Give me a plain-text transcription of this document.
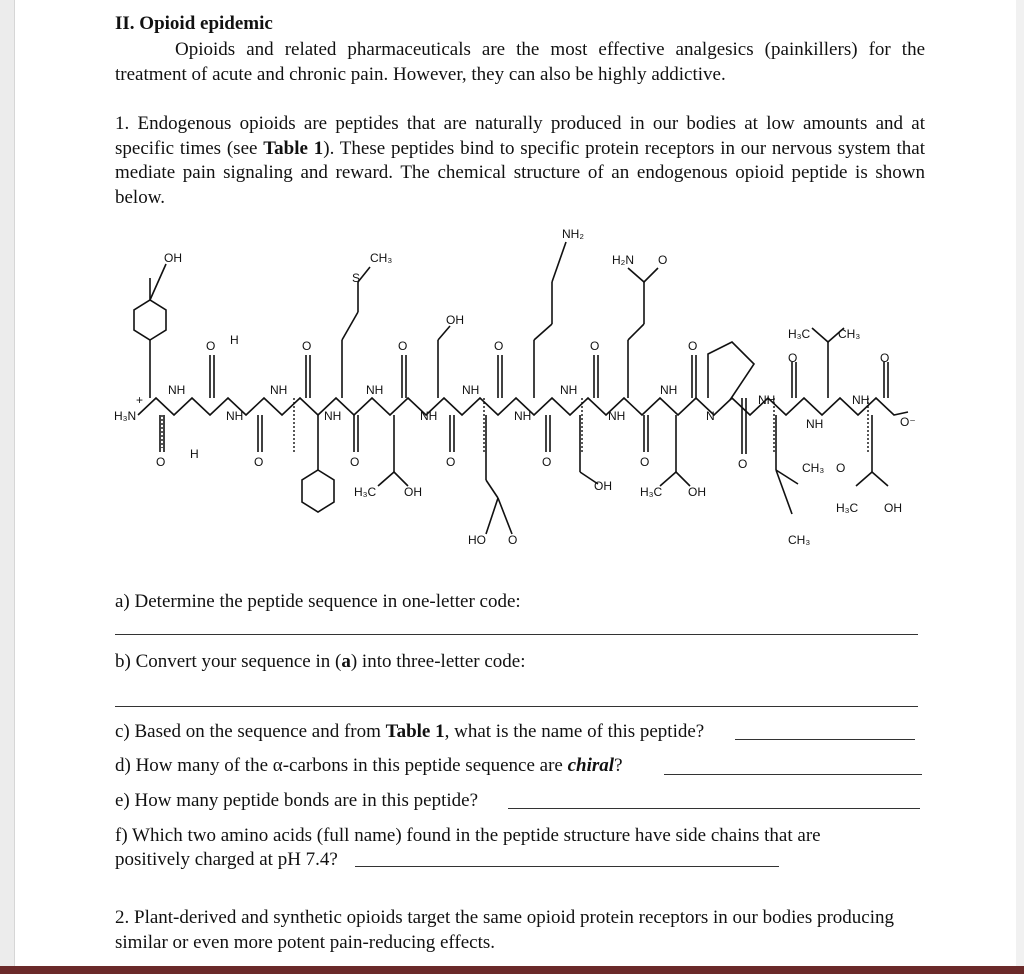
II. Opioid epidemic
Opioids and related pharmaceuticals are the most effective analgesics (painkillers) for the treatment of acute and chronic pain. However, they can also be highly addictive.
1. Endogenous opioids are peptides that are naturally produced in our bodies at low amounts and at specific times (see Table 1). These peptides bind to specific protein receptors in our nervous system that mediate pain signaling and reward. The chemical structure of an endogenous opioid peptide is shown below.
H₃N
+
OH
O
NH
O H
NH
H
O
NH
O
NH
S
CH₃
O
NH
H₃C OH
O
NH
OH
O
NH
O
NH
HO O
NH₂
O
NH
O
NH
OH
H₂N O
O
NH
O
H₃C OH
N
O
NH
O
H₃C CH₃
NH
CH₃ O
CH₃
NH
O
O⁻
H₃C OH
a) Determine the peptide sequence in one-letter code:
b) Convert your sequence in (a) into three-letter code:
c) Based on the sequence and from Table 1, what is the name of this peptide?
d) How many of the α-carbons in this peptide sequence are chiral?
e) How many peptide bonds are in this peptide?
f) Which two amino acids (full name) found in the peptide structure have side chains that are positively charged at pH 7.4?
2. Plant-derived and synthetic opioids target the same opioid protein receptors in our bodies producing similar or even more potent pain-reducing effects.
